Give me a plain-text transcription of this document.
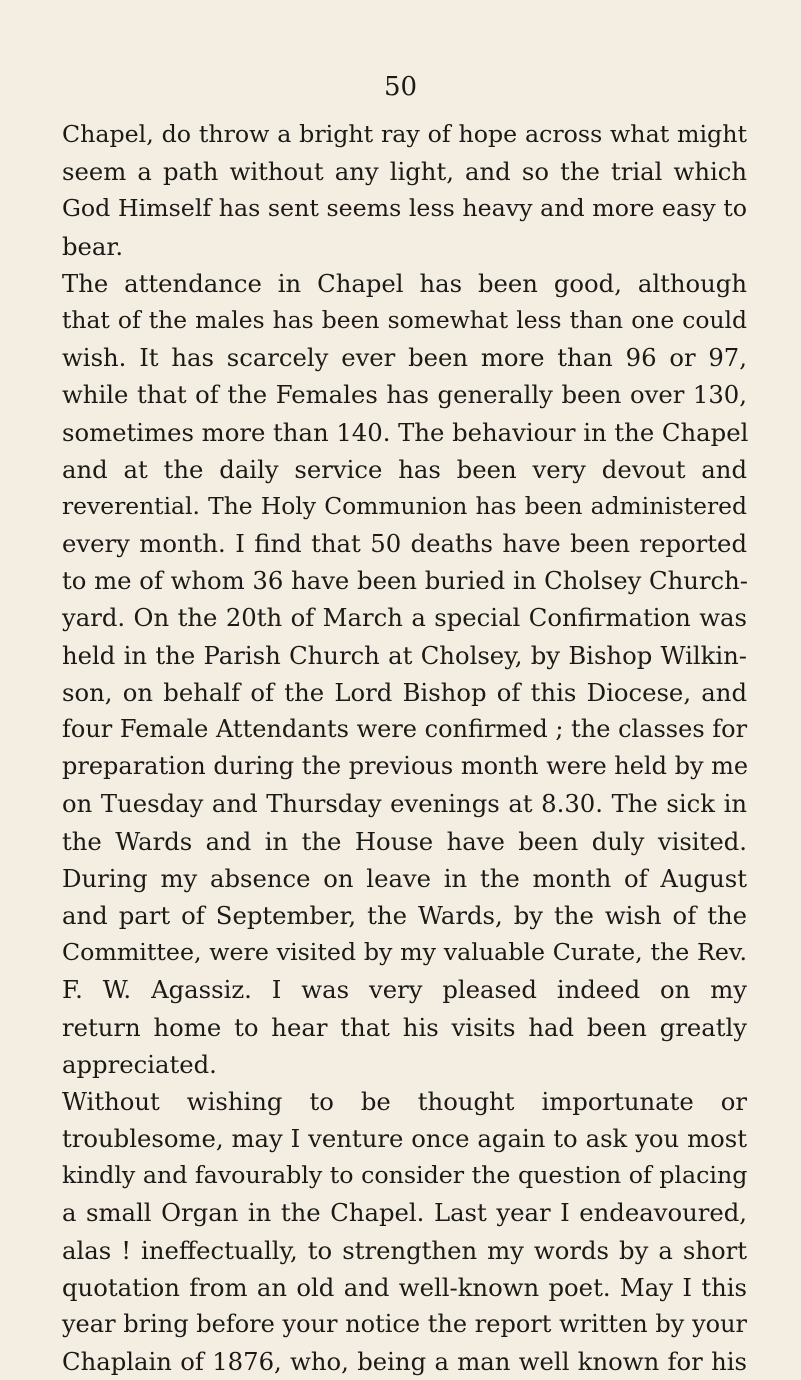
50
Chapel, do throw a bright ray of hope across what might
seem a path without any light, and so the trial which
God Himself has sent seems less heavy and more easy to
bear.
The attendance in Chapel has been good, although
that of the males has been somewhat less than one could
wish. It has scarcely ever been more than 96 or 97,
while that of the Females has generally been over 130,
sometimes more than 140. The behaviour in the Chapel
and at the daily service has been very devout and
reverential. The Holy Communion has been administered
every month. I find that 50 deaths have been reported
to me of whom 36 have been buried in Cholsey Church-
yard. On the 20th of March a special Confirmation was
held in the Parish Church at Cholsey, by Bishop Wilkin-
son, on behalf of the Lord Bishop of this Diocese, and
four Female Attendants were confirmed ; the classes for
preparation during the previous month were held by me
on Tuesday and Thursday evenings at 8.30. The sick in
the Wards and in the House have been duly visited.
During my absence on leave in the month of August
and part of September, the Wards, by the wish of the
Committee, were visited by my valuable Curate, the Rev.
F. W. Agassiz. I was very pleased indeed on my
return home to hear that his visits had been greatly
appreciated.
Without wishing to be thought importunate or
troublesome, may I venture once again to ask you most
kindly and favourably to consider the question of placing
a small Organ in the Chapel. Last year I endeavoured,
alas ! ineffectually, to strengthen my words by a short
quotation from an old and well-known poet. May I this
year bring before your notice the report written by your
Chaplain of 1876, who, being a man well known for his
